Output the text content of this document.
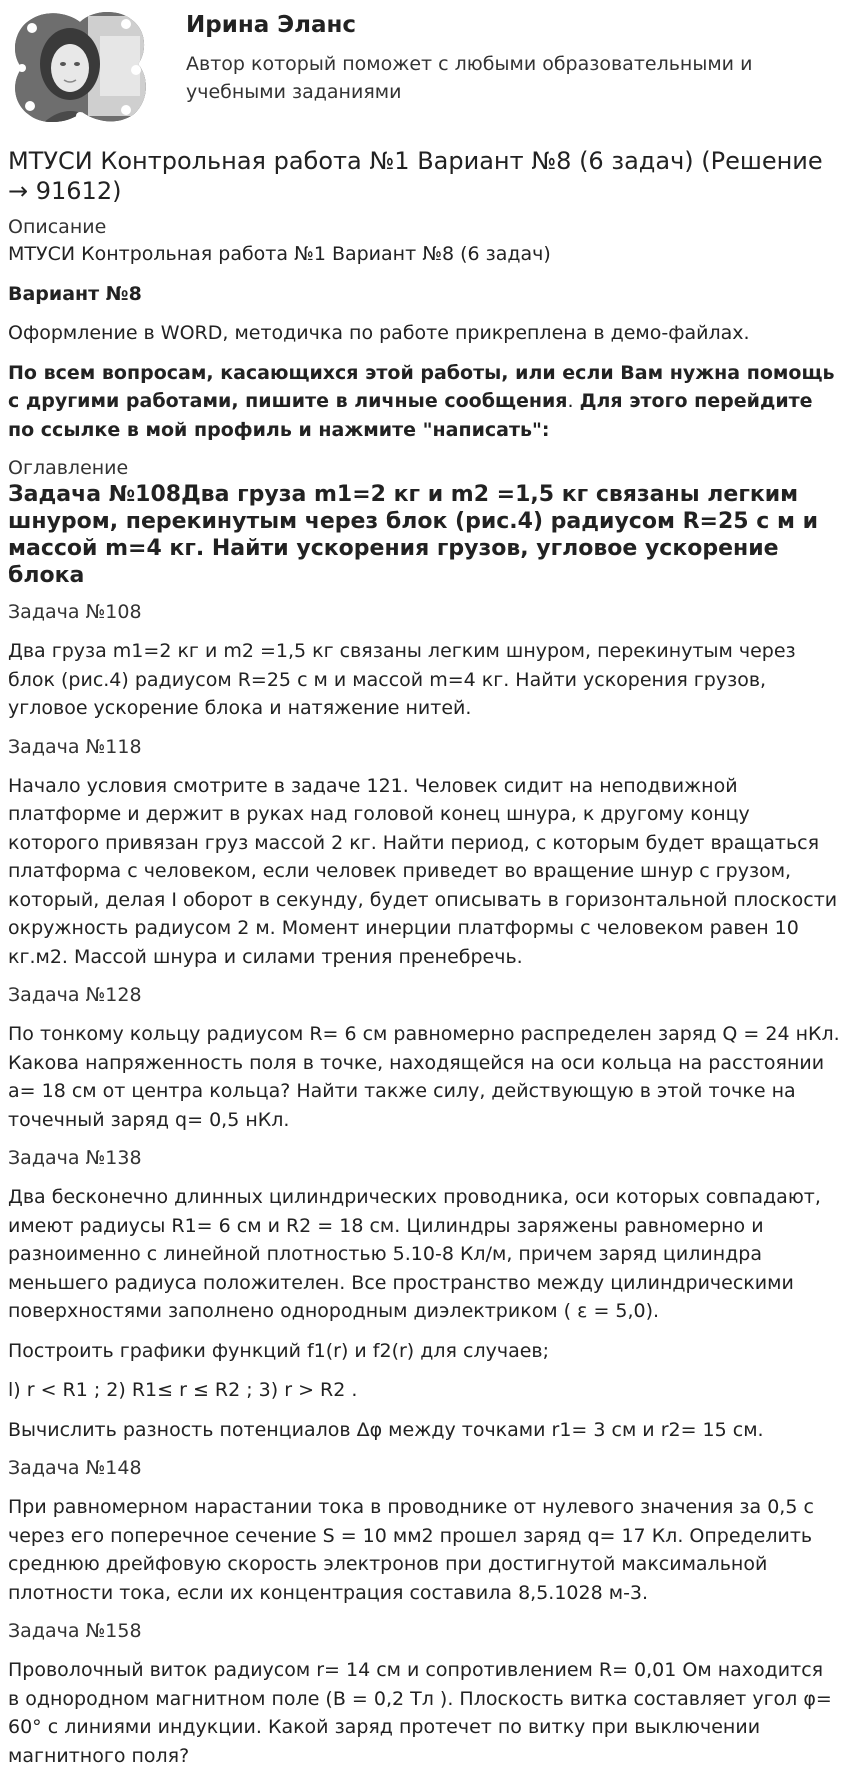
Ирина Эланс
Автор который поможет с любыми образовательными и учебными заданиями
МТУСИ Контрольная работа №1 Вариант №8 (6 задач) (Решение → 91612)
Описание
МТУСИ Контрольная работа №1 Вариант №8 (6 задач)
Вариант №8
Оформление в WORD, методичка по работе прикреплена в демо-файлах.
По всем вопросам, касающихся этой работы, или если Вам нужна помощь с другими работами, пишите в личные сообщения. Для этого перейдите по ссылке в мой профиль и нажмите "написать":
Оглавление
Задача №108Два груза m1=2 кг и m2 =1,5 кг связаны легким шнуром, перекинутым через блок (рис.4) радиусом R=25 с м и массой m=4 кг. Найти ускорения грузов, угловое ускорение блока
Задача №108
Два груза m1=2 кг и m2 =1,5 кг связаны легким шнуром, перекинутым через блок (рис.4) радиусом R=25 с м и массой m=4 кг. Найти ускорения грузов, угловое ускорение блока и натяжение нитей.
Задача №118
Начало условия смотрите в задаче 121. Человек сидит на неподвижной платформе и держит в руках над головой конец шнура, к другому концу которого привязан груз массой 2 кг. Найти период, с которым будет вращаться платформа с человеком, если человек приведет во вращение шнур с грузом, который, делая I оборот в секунду, будет описывать в горизонтальной плоскости окружность радиусом 2 м. Момент инерции платформы с человеком равен 10 кг.м2. Массой шнура и силами трения пренебречь.
Задача №128
По тонкому кольцу радиусом R= 6 см равномерно распределен заряд Q = 24 нКл. Какова напряженность поля в точке, находящейся на оси кольца на расстоянии a= 18 см от центра кольца? Найти также силу, действующую в этой точке на точечный заряд q= 0,5 нКл.
Задача №138
Два бесконечно длинных цилиндрических проводника, оси которых совпадают, имеют радиусы R1= 6 см и R2 = 18 см. Цилиндры заряжены равномерно и разноименно с линейной плотностью 5.10-8 Кл/м, причем заряд цилиндра меньшего радиуса положителен. Все пространство между цилиндрическими поверхностями заполнено однородным диэлектриком ( ε = 5,0).
Построить графики функций f1(r) и f2(r) для случаев;
l) r < R1 ; 2) R1≤ r ≤ R2 ; 3) r > R2 .
Вычислить разность потенциалов Δφ между точками r1= 3 см и r2= 15 см.
Задача №148
При равномерном нарастании тока в проводнике от нулевого значения за 0,5 с через его поперечное сечение S = 10 мм2 прошел заряд q= 17 Кл. Определить среднюю дрейфовую скорость электронов при достигнутой максимальной плотности тока, если их концентрация составила 8,5.1028 м-3.
Задача №158
Проволочный виток радиусом r= 14 см и сопротивлением R= 0,01 Ом находится в однородном магнитном поле (B = 0,2 Тл ). Плоскость витка составляет угол φ= 60° с линиями индукции. Какой заряд протечет по витку при выключении магнитного поля?
